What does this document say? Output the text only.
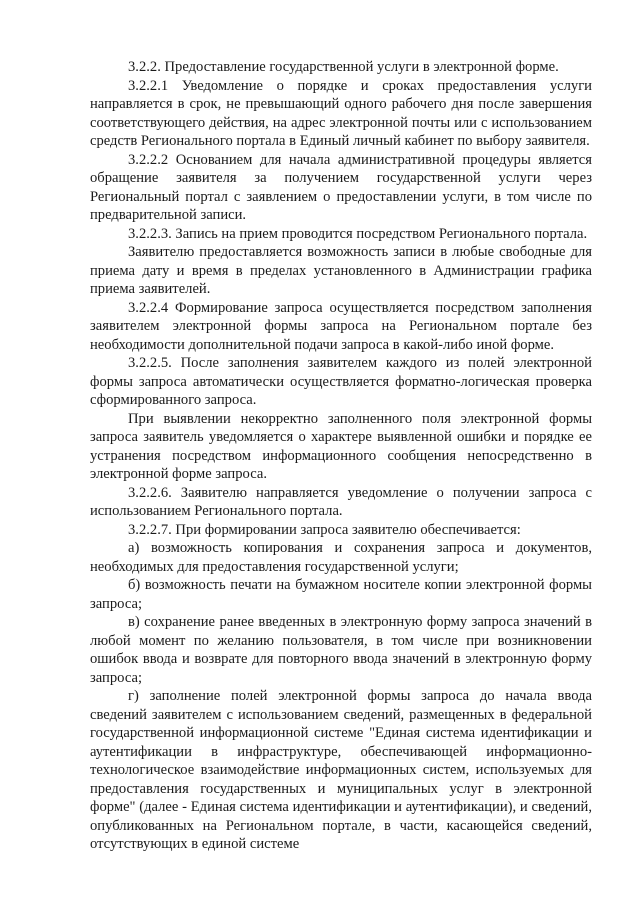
3.2.2. Предоставление государственной услуги в электронной форме.

3.2.2.1 Уведомление о порядке и сроках предоставления услуги направляется в срок, не превышающий одного рабочего дня после завершения соответствующего действия, на адрес электронной почты или с использованием средств Регионального портала в Единый личный кабинет по выбору заявителя.

3.2.2.2 Основанием для начала административной процедуры является обращение заявителя за получением государственной услуги через Региональный портал с заявлением о предоставлении услуги, в том числе по предварительной записи.

3.2.2.3. Запись на прием проводится посредством Регионального портала.

Заявителю предоставляется возможность записи в любые свободные для приема дату и время в пределах установленного в Администрации графика приема заявителей.

3.2.2.4 Формирование запроса осуществляется посредством заполнения заявителем электронной формы запроса на Региональном портале без необходимости дополнительной подачи запроса в какой-либо иной форме.

3.2.2.5. После заполнения заявителем каждого из полей электронной формы запроса автоматически осуществляется форматно-логическая проверка сформированного запроса.

При выявлении некорректно заполненного поля электронной формы запроса заявитель уведомляется о характере выявленной ошибки и порядке ее устранения посредством информационного сообщения непосредственно в электронной форме запроса.

3.2.2.6. Заявителю направляется уведомление о получении запроса с использованием Регионального портала.

3.2.2.7. При формировании запроса заявителю обеспечивается:

а) возможность копирования и сохранения запроса и документов, необходимых для предоставления государственной услуги;

б) возможность печати на бумажном носителе копии электронной формы запроса;

в) сохранение ранее введенных в электронную форму запроса значений в любой момент по желанию пользователя, в том числе при возникновении ошибок ввода и возврате для повторного ввода значений в электронную форму запроса;

г) заполнение полей электронной формы запроса до начала ввода сведений заявителем с использованием сведений, размещенных в федеральной государственной информационной системе "Единая система идентификации и аутентификации в инфраструктуре, обеспечивающей информационно-технологическое взаимодействие информационных систем, используемых для предоставления государственных и муниципальных услуг в электронной форме" (далее - Единая система идентификации и аутентификации), и сведений, опубликованных на Региональном портале, в части, касающейся сведений, отсутствующих в единой системе
